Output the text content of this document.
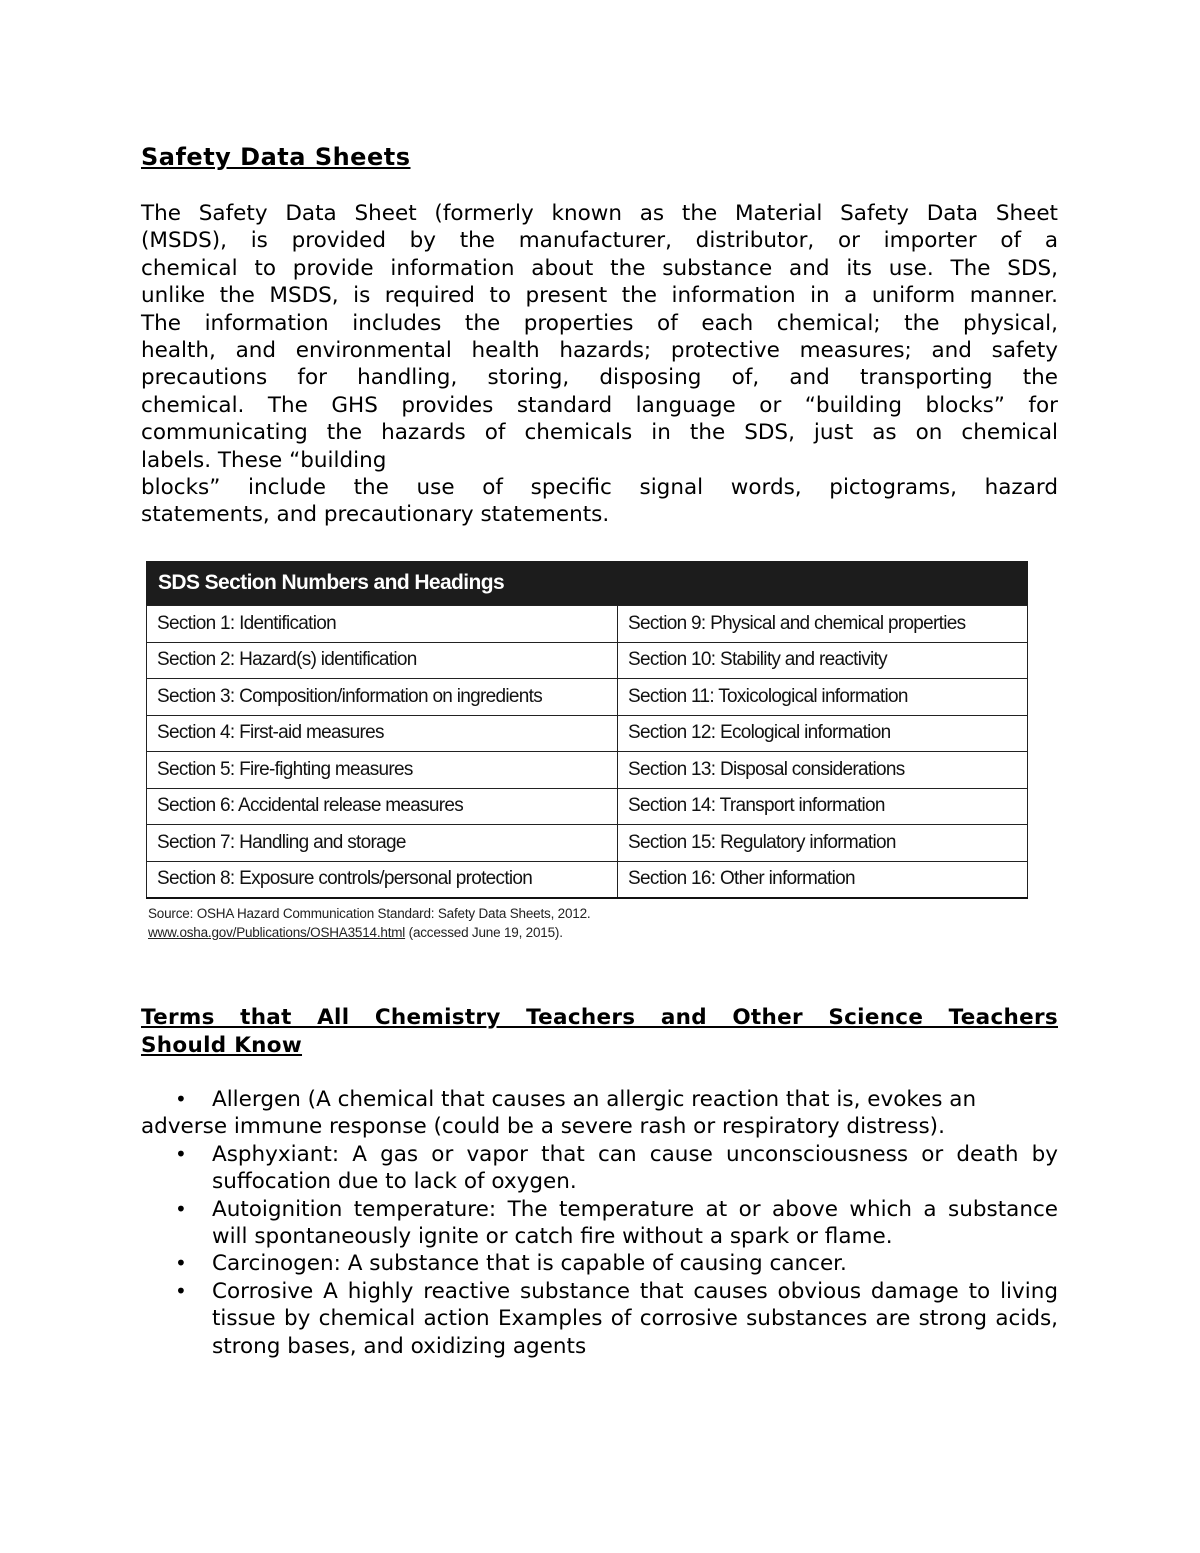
Safety Data Sheets

The Safety Data Sheet (formerly known as the Material Safety Data Sheet
(MSDS), is provided by the manufacturer, distributor, or importer of a
chemical to provide information about the substance and its use. The SDS,
unlike the MSDS, is required to present the information in a uniform manner.
The information includes the properties of each chemical; the physical,
health, and environmental health hazards; protective measures; and safety
precautions for handling, storing, disposing of, and transporting the
chemical. The GHS provides standard language or “building blocks” for
communicating the hazards of chemicals in the SDS, just as on chemical
labels. These “building
blocks” include the use of specific signal words, pictograms, hazard
statements, and precautionary statements.

SDS Section Numbers and Headings
Section 1: Identification	Section 9: Physical and chemical properties
Section 2: Hazard(s) identification	Section 10: Stability and reactivity
Section 3: Composition/information on ingredients	Section 11: Toxicological information
Section 4: First-aid measures	Section 12: Ecological information
Section 5: Fire-fighting measures	Section 13: Disposal considerations
Section 6: Accidental release measures	Section 14: Transport information
Section 7: Handling and storage	Section 15: Regulatory information
Section 8: Exposure controls/personal protection	Section 16: Other information
Source: OSHA Hazard Communication Standard: Safety Data Sheets, 2012.
www.osha.gov/Publications/OSHA3514.html (accessed June 19, 2015).
Terms that All Chemistry Teachers and Other Science Teachers
Should Know
•	Allergen (A chemical that causes an allergic reaction that is, evokes an
adverse immune response (could be a severe rash or respiratory distress).
• Asphyxiant: A gas or vapor that can cause unconsciousness or death by suffocation due to lack of oxygen.
• Autoignition temperature: The temperature at or above which a substance will spontaneously ignite or catch fire without a spark or flame.
• Carcinogen: A substance that is capable of causing cancer.
• Corrosive A highly reactive substance that causes obvious damage to living tissue by chemical action Examples of corrosive substances are strong acids, strong bases, and oxidizing agents
